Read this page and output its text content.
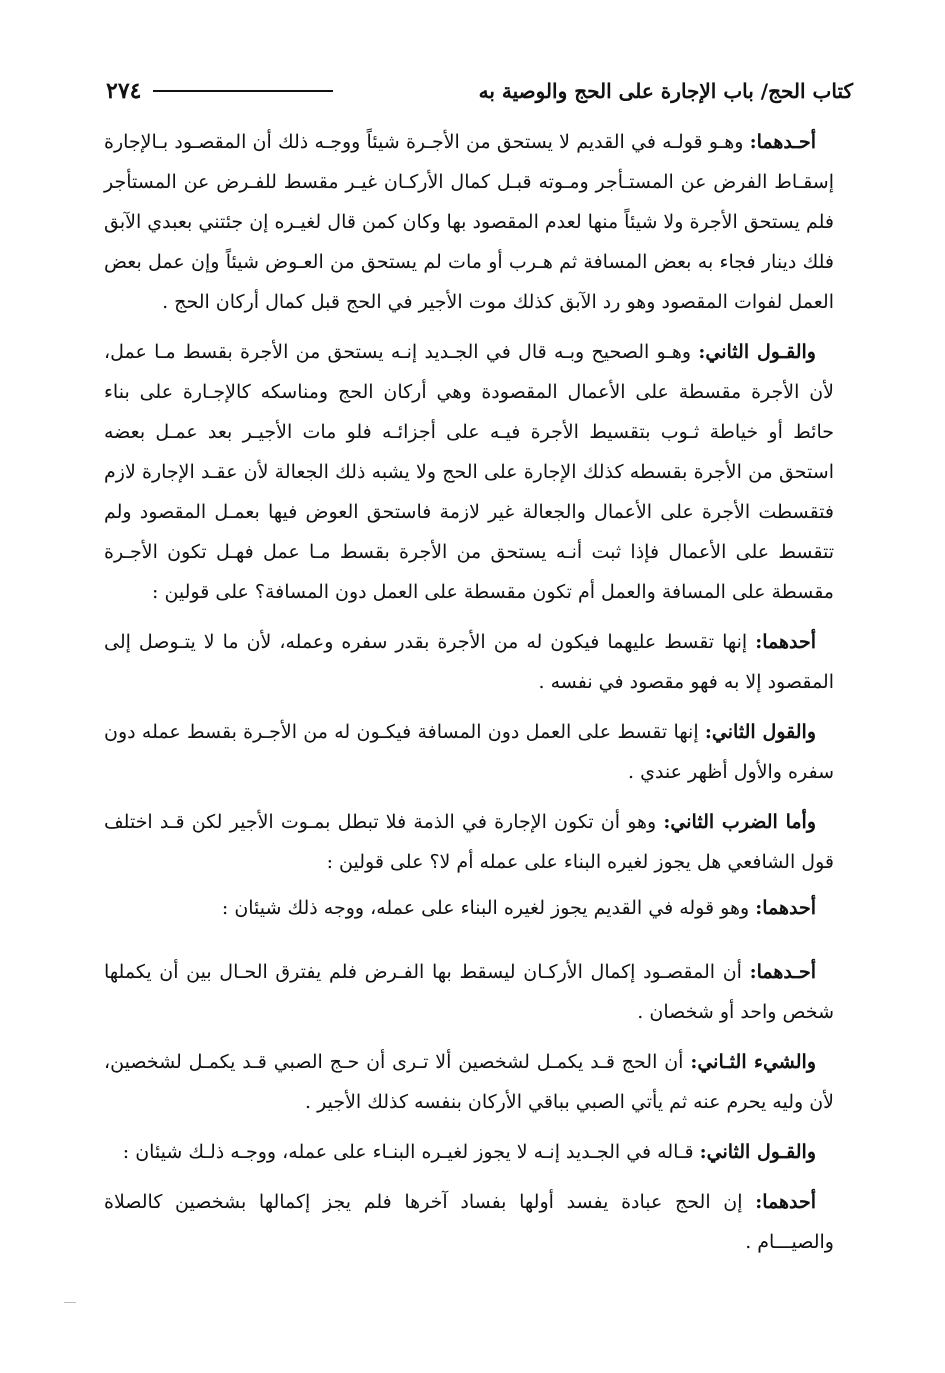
كتاب الحج/ باب الإجارة على الحج والوصية به
٢٧٤

أحـدهما: وهـو قولـه في القديم لا يستحق من الأجـرة شيئاً ووجـه ذلك أن المقصـود بـالإجارة إسقـاط الفرض عن المستـأجر ومـوته قبـل كمال الأركـان غيـر مقسط للفـرض عن المستأجر فلم يستحق الأجرة ولا شيئاً منها لعدم المقصود بها وكان كمن قال لغيـره إن جئتني بعبدي الآبق فلك دينار فجاء به بعض المسافة ثم هـرب أو مات لم يستحق من العـوض شيئاً وإن عمل بعض العمل لفوات المقصود وهو رد الآبق كذلك موت الأجير في الحج قبل كمال أركان الحج .

والقـول الثاني: وهـو الصحيح وبـه قال في الجـديد إنـه يستحق من الأجرة بقسط مـا عمل، لأن الأجرة مقسطة على الأعمال المقصودة وهي أركان الحج ومناسكه كالإجـارة على بناء حائط أو خياطة ثـوب بتقسيط الأجرة فيـه على أجزائـه فلو مات الأجيـر بعد عمـل بعضه استحق من الأجرة بقسطه كذلك الإجارة على الحج ولا يشبه ذلك الجعالة لأن عقـد الإجارة لازم فتقسطت الأجرة على الأعمال والجعالة غير لازمة فاستحق العوض فيها بعمـل المقصود ولم تتقسط على الأعمال فإذا ثبت أنـه يستحق من الأجرة بقسط مـا عمل فهـل تكون الأجـرة مقسطة على المسافة والعمل أم تكون مقسطة على العمل دون المسافة؟ على قولين :

أحدهما: إنها تقسط عليهما فيكون له من الأجرة بقدر سفره وعمله، لأن ما لا يتـوصل إلى المقصود إلا به فهو مقصود في نفسه .

والقول الثاني: إنها تقسط على العمل دون المسافة فيكـون له من الأجـرة بقسط عمله دون سفره والأول أظهر عندي .

وأما الضرب الثاني: وهو أن تكون الإجارة في الذمة فلا تبطل بمـوت الأجير لكن قـد اختلف قول الشافعي هل يجوز لغيره البناء على عمله أم لا؟ على قولين :

أحدهما: وهو قوله في القديم يجوز لغيره البناء على عمله، ووجه ذلك شيئان :

أحـدهما: أن المقصـود إكمال الأركـان ليسقط بها الفـرض فلم يفترق الحـال بين أن يكملها شخص واحد أو شخصان .

والشيء الثـاني: أن الحج قـد يكمـل لشخصين ألا تـرى أن حـج الصبي قـد يكمـل لشخصين، لأن وليه يحرم عنه ثم يأتي الصبي بباقي الأركان بنفسه كذلك الأجير .

والقـول الثاني: قـاله في الجـديد إنـه لا يجوز لغيـره البنـاء على عمله، ووجـه ذلـك شيئان :

أحدهما: إن الحج عبادة يفسد أولها بفساد آخرها فلم يجز إكمالها بشخصين كالصلاة والصيـــام .
